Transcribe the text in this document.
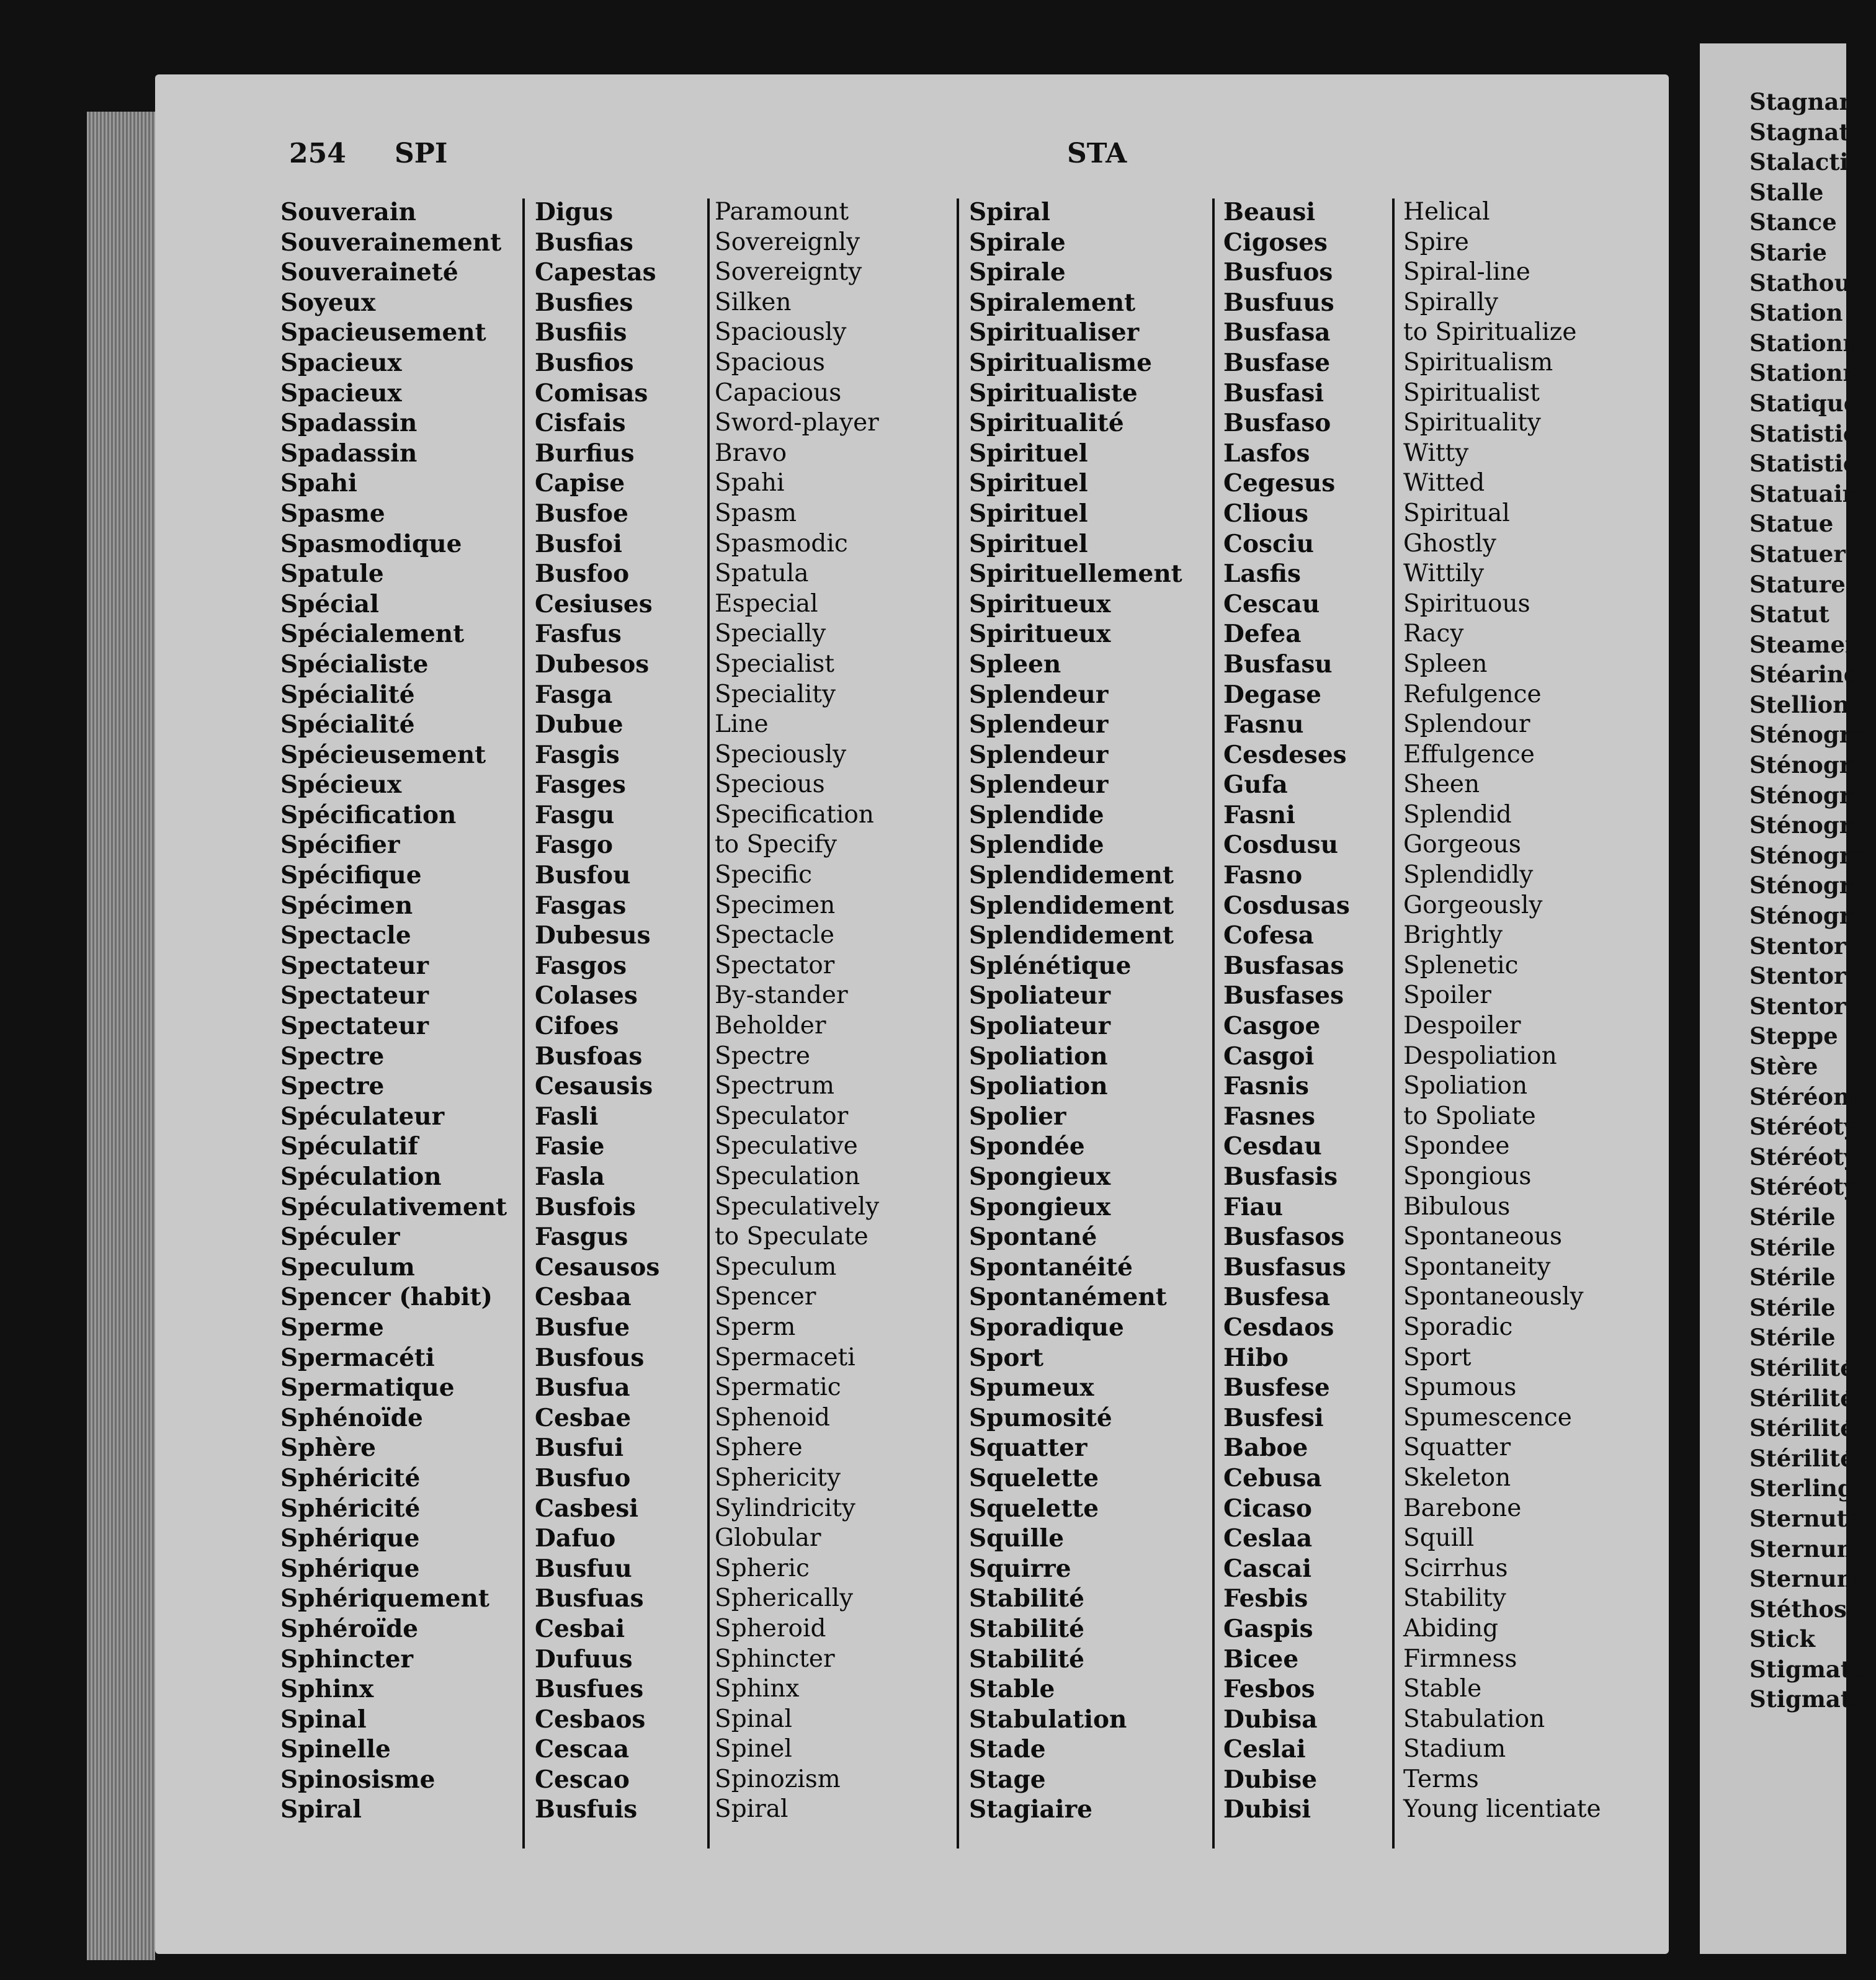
254 SPI	STA
Souverain
Souverainement
Souveraineté
Soyeux
Spacieusement
Spacieux
Spacieux
Spadassin
Spadassin
Spahi
Spasme
Spasmodique
Spatule
Spécial
Spécialement
Spécialiste
Spécialité
Spécialité
Spécieusement
Spécieux
Spécification
Spécifier
Spécifique
Spécimen
Spectacle
Spectateur
Spectateur
Spectateur
Spectre
Spectre
Spéculateur
Spéculatif
Spéculation
Spéculativement
Spéculer
Speculum
Spencer (habit)
Sperme
Spermacéti
Spermatique
Sphénoïde
Sphère
Sphéricité
Sphéricité
Sphérique
Sphérique
Sphériquement
Sphéroïde
Sphincter
Sphinx
Spinal
Spinelle
Spinosisme
Spiral
Digus
Busfias
Capestas
Busfies
Busfiis
Busfios
Comisas
Cisfais
Burfius
Capise
Busfoe
Busfoi
Busfoo
Cesiuses
Fasfus
Dubesos
Fasga
Dubue
Fasgis
Fasges
Fasgu
Fasgo
Busfou
Fasgas
Dubesus
Fasgos
Colases
Cifoes
Busfoas
Cesausis
Fasli
Fasie
Fasla
Busfois
Fasgus
Cesausos
Cesbaa
Busfue
Busfous
Busfua
Cesbae
Busfui
Busfuo
Casbesi
Dafuo
Busfuu
Busfuas
Cesbai
Dufuus
Busfues
Cesbaos
Cescaa
Cescao
Busfuis
Paramount
Sovereignly
Sovereignty
Silken
Spaciously
Spacious
Capacious
Sword-player
Bravo
Spahi
Spasm
Spasmodic
Spatula
Especial
Specially
Specialist
Speciality
Line
Speciously
Specious
Specification
to Specify
Specific
Specimen
Spectacle
Spectator
By-stander
Beholder
Spectre
Spectrum
Speculator
Speculative
Speculation
Speculatively
to Speculate
Speculum
Spencer
Sperm
Spermaceti
Spermatic
Sphenoid
Sphere
Sphericity
Sylindricity
Globular
Spheric
Spherically
Spheroid
Sphincter
Sphinx
Spinal
Spinel
Spinozism
Spiral
Spiral
Spirale
Spirale
Spiralement
Spiritualiser
Spiritualisme
Spiritualiste
Spiritualité
Spirituel
Spirituel
Spirituel
Spirituel
Spirituellement
Spiritueux
Spiritueux
Spleen
Splendeur
Splendeur
Splendeur
Splendeur
Splendide
Splendide
Splendidement
Splendidement
Splendidement
Splénétique
Spoliateur
Spoliateur
Spoliation
Spoliation
Spolier
Spondée
Spongieux
Spongieux
Spontané
Spontanéité
Spontanément
Sporadique
Sport
Spumeux
Spumosité
Squatter
Squelette
Squelette
Squille
Squirre
Stabilité
Stabilité
Stabilité
Stable
Stabulation
Stade
Stage
Stagiaire
Beausi
Cigoses
Busfuos
Busfuus
Busfasa
Busfase
Busfasi
Busfaso
Lasfos
Cegesus
Clious
Cosciu
Lasfis
Cescau
Defea
Busfasu
Degase
Fasnu
Cesdeses
Gufa
Fasni
Cosdusu
Fasno
Cosdusas
Cofesa
Busfasas
Busfases
Casgoe
Casgoi
Fasnis
Fasnes
Cesdau
Busfasis
Fiau
Busfasos
Busfasus
Busfesa
Cesdaos
Hibo
Busfese
Busfesi
Baboe
Cebusa
Cicaso
Ceslaa
Cascai
Fesbis
Gaspis
Bicee
Fesbos
Dubisa
Ceslai
Dubise
Dubisi
Helical
Spire
Spiral-line
Spirally
to Spiritualize
Spiritualism
Spiritualist
Spirituality
Witty
Witted
Spiritual
Ghostly
Wittily
Spirituous
Racy
Spleen
Refulgence
Splendour
Effulgence
Sheen
Splendid
Gorgeous
Splendidly
Gorgeously
Brightly
Splenetic
Spoiler
Despoiler
Despoliation
Spoliation
to Spoliate
Spondee
Spongious
Bibulous
Spontaneous
Spontaneity
Spontaneously
Sporadic
Sport
Spumous
Spumescence
Squatter
Skeleton
Barebone
Squill
Scirrhus
Stability
Abiding
Firmness
Stable
Stabulation
Stadium
Terms
Young licentiate
Stagnan
Stagnat
Stalacti
Stalle
Stance
Starie
Stathou
Station
Stationn
Stationn
Statique
Statistic
Statistic
Statuair
Statue
Statuer
Stature
Statut
Steamer
Stéarine
Stelliona
Sténogra
Sténogra
Sténogra
Sténogra
Sténogra
Sténogra
Sténogra
Stentor
Stentor
Stentoré
Steppe
Stère
Stéréom
Stéréoty
Stéréoty
Stéréoty
Stérile
Stérile
Stérile
Stérile
Stérile
Stérilité
Stérilité
Stérilité
Stérilité
Sterling
Sternuta
Sternum
Sternum
Stéthosco
Stick
Stigmate
Stigmate
